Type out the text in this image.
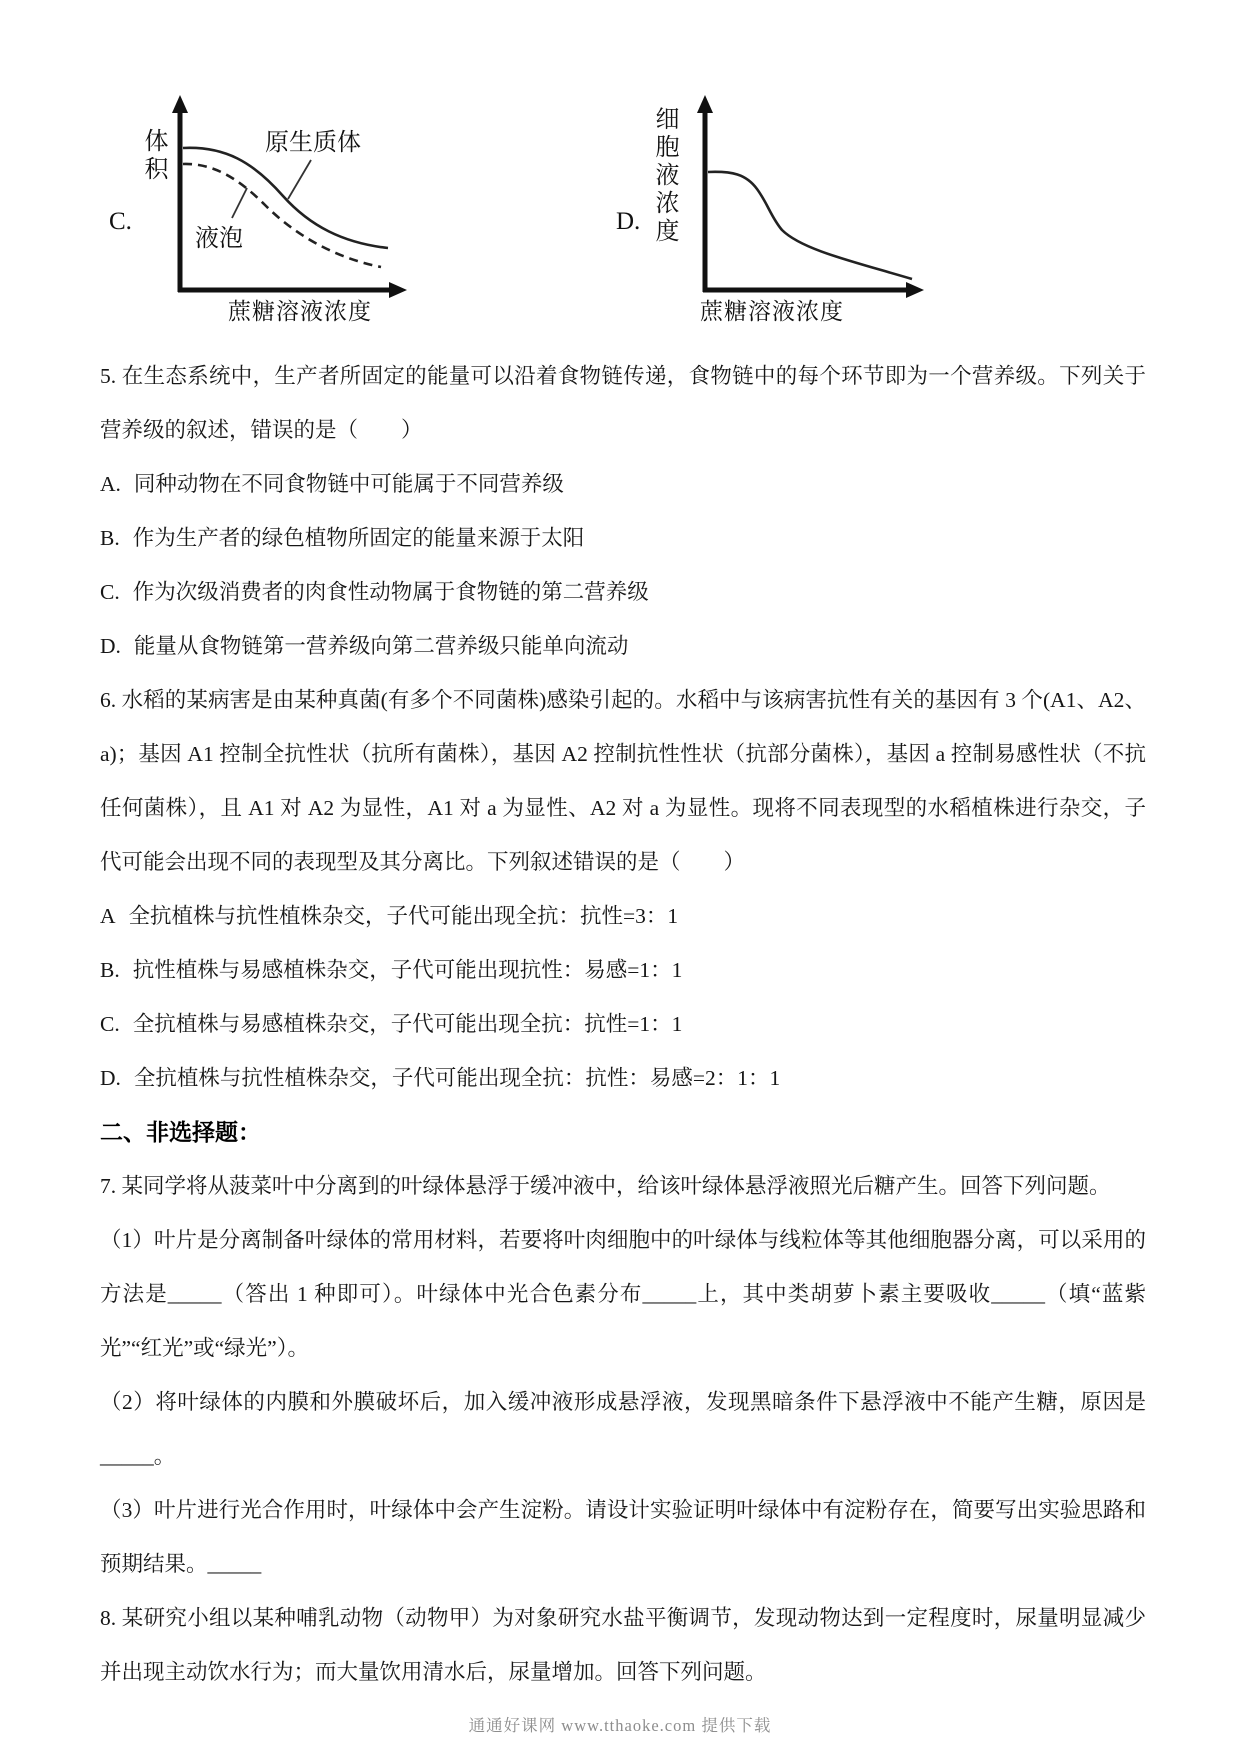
C.
体积	原生质体
液泡
蔗糖溶液浓度
D. 细胞液浓度
蔗糖溶液浓度

5. 在生态系统中，生产者所固定的能量可以沿着食物链传递，食物链中的每个环节即为一个营养级。下列关于营养级的叙述，错误的是（　　）

A. 同种动物在不同食物链中可能属于不同营养级
B. 作为生产者的绿色植物所固定的能量来源于太阳
C. 作为次级消费者的肉食性动物属于食物链的第二营养级
D. 能量从食物链第一营养级向第二营养级只能单向流动

6. 水稻的某病害是由某种真菌(有多个不同菌株)感染引起的。水稻中与该病害抗性有关的基因有 3 个(A1、A2、a)；基因 A1 控制全抗性状（抗所有菌株），基因 A2 控制抗性性状（抗部分菌株），基因 a 控制易感性状（不抗任何菌株），且 A1 对 A2 为显性，A1 对 a 为显性、A2 对 a 为显性。现将不同表现型的水稻植株进行杂交，子代可能会出现不同的表现型及其分离比。下列叙述错误的是（　　）

A 全抗植株与抗性植株杂交，子代可能出现全抗：抗性=3：1
B. 抗性植株与易感植株杂交，子代可能出现抗性：易感=1：1
C. 全抗植株与易感植株杂交，子代可能出现全抗：抗性=1：1
D. 全抗植株与抗性植株杂交，子代可能出现全抗：抗性：易感=2：1：1

二、非选择题：

7. 某同学将从菠菜叶中分离到的叶绿体悬浮于缓冲液中，给该叶绿体悬浮液照光后糖产生。回答下列问题。

（1）叶片是分离制备叶绿体的常用材料，若要将叶肉细胞中的叶绿体与线粒体等其他细胞器分离，可以采用的方法是_____（答出 1 种即可）。叶绿体中光合色素分布_____上，其中类胡萝卜素主要吸收_____（填“蓝紫光”“红光”或“绿光”）。

（2）将叶绿体的内膜和外膜破坏后，加入缓冲液形成悬浮液，发现黑暗条件下悬浮液中不能产生糖，原因是_____。

（3）叶片进行光合作用时，叶绿体中会产生淀粉。请设计实验证明叶绿体中有淀粉存在，简要写出实验思路和预期结果。_____

8. 某研究小组以某种哺乳动物（动物甲）为对象研究水盐平衡调节，发现动物达到一定程度时，尿量明显减少并出现主动饮水行为；而大量饮用清水后，尿量增加。回答下列问题。

通通好课网 www.tthaoke.com 提供下载
